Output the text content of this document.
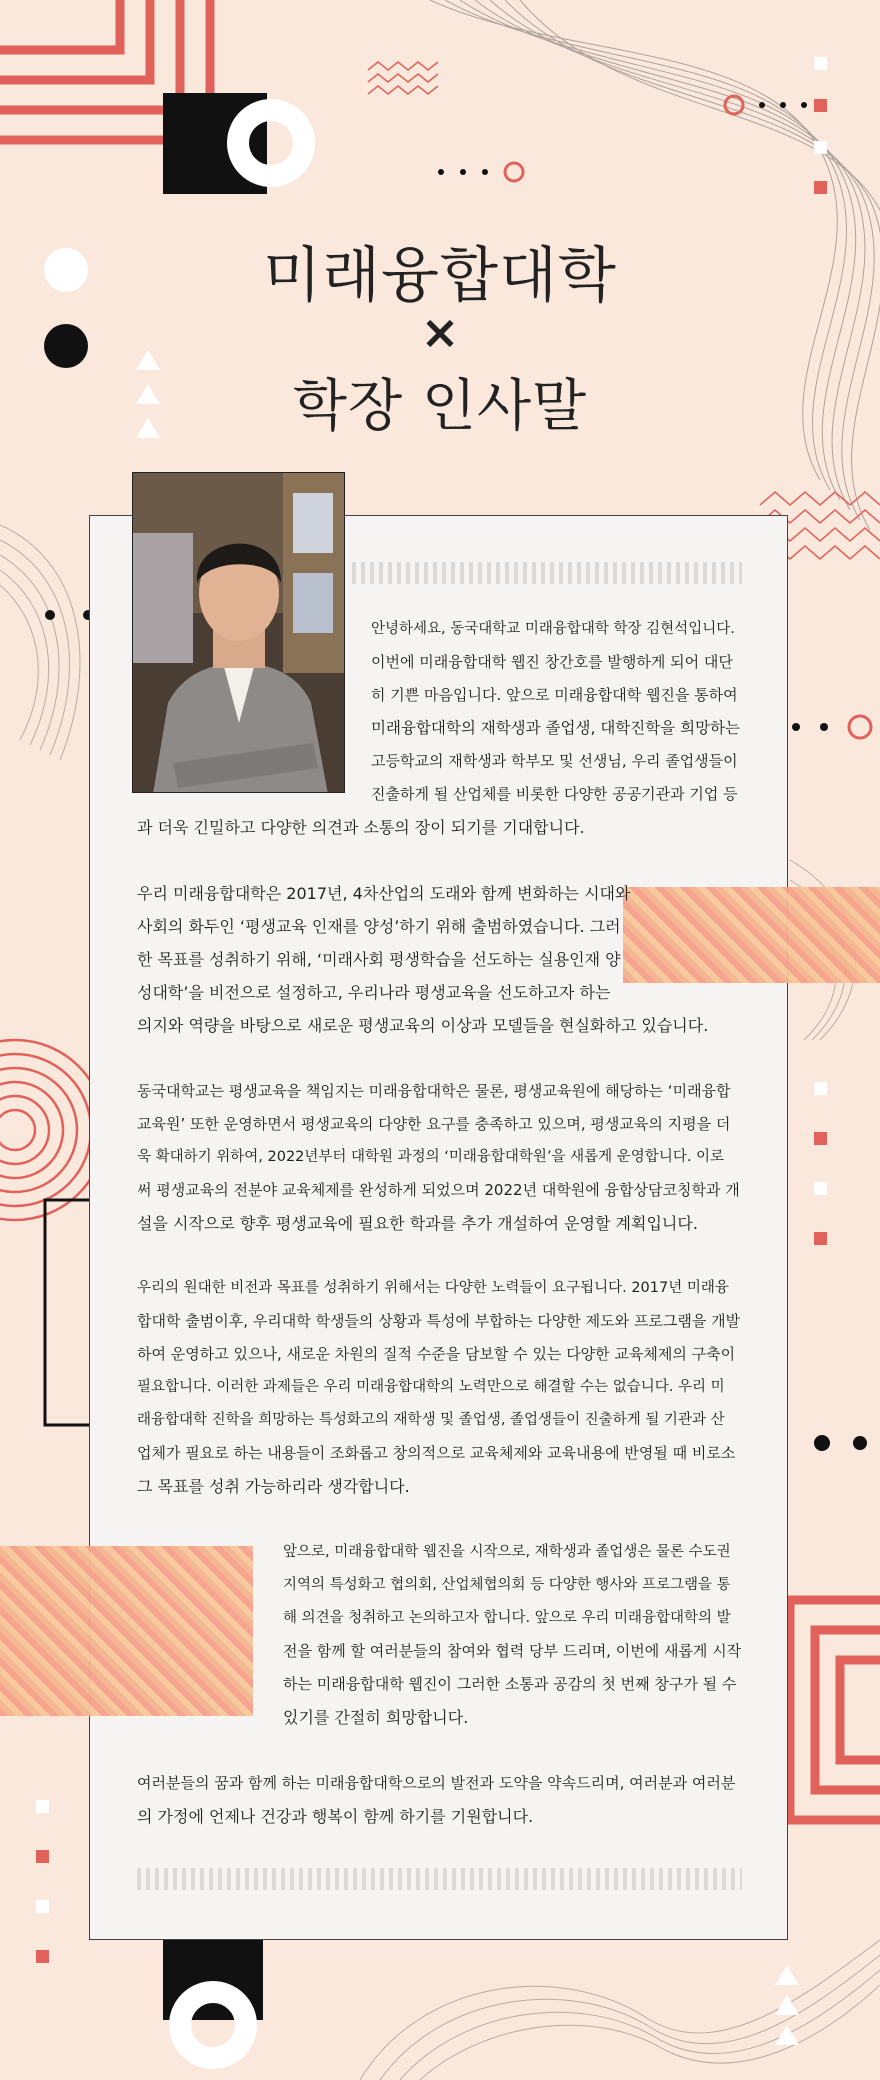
미래융합대학
×
학장 인사말
안녕하세요, 동국대학교 미래융합대학 학장 김현석입니다.
이번에 미래융합대학 웹진 창간호를 발행하게 되어 대단
히 기쁜 마음입니다. 앞으로 미래융합대학 웹진을 통하여
미래융합대학의 재학생과 졸업생, 대학진학을 희망하는
고등학교의 재학생과 학부모 및 선생님, 우리 졸업생들이
진출하게 될 산업체를 비롯한 다양한 공공기관과 기업 등
과 더욱 긴밀하고 다양한 의견과 소통의 장이 되기를 기대합니다.
우리 미래융합대학은 2017년, 4차산업의 도래와 함께 변화하는 시대와
사회의 화두인 ‘평생교육 인재를 양성’하기 위해 출범하였습니다. 그러
한 목표를 성취하기 위해, ‘미래사회 평생학습을 선도하는 실용인재 양
성대학’을 비전으로 설정하고, 우리나라 평생교육을 선도하고자 하는
의지와 역량을 바탕으로 새로운 평생교육의 이상과 모델들을 현실화하고 있습니다.
동국대학교는 평생교육을 책임지는 미래융합대학은 물론, 평생교육원에 해당하는 ‘미래융합
교육원’ 또한 운영하면서 평생교육의 다양한 요구를 충족하고 있으며, 평생교육의 지평을 더
욱 확대하기 위하여, 2022년부터 대학원 과정의 ‘미래융합대학원’을 새롭게 운영합니다. 이로
써 평생교육의 전분야 교육체제를 완성하게 되었으며 2022년 대학원에 융합상담코칭학과 개
설을 시작으로 향후 평생교육에 필요한 학과를 추가 개설하여 운영할 계획입니다.
우리의 원대한 비전과 목표를 성취하기 위해서는 다양한 노력들이 요구됩니다. 2017년 미래융
합대학 출범이후, 우리대학 학생들의 상황과 특성에 부합하는 다양한 제도와 프로그램을 개발
하여 운영하고 있으나, 새로운 차원의 질적 수준을 담보할 수 있는 다양한 교육체제의 구축이
필요합니다. 이러한 과제들은 우리 미래융합대학의 노력만으로 해결할 수는 없습니다. 우리 미
래융합대학 진학을 희망하는 특성화고의 재학생 및 졸업생, 졸업생들이 진출하게 될 기관과 산
업체가 필요로 하는 내용들이 조화롭고 창의적으로 교육체제와 교육내용에 반영될 때 비로소
그 목표를 성취 가능하리라 생각합니다.
앞으로, 미래융합대학 웹진을 시작으로, 재학생과 졸업생은 물론 수도권
지역의 특성화고 협의회, 산업체협의회 등 다양한 행사와 프로그램을 통
해 의견을 청취하고 논의하고자 합니다. 앞으로 우리 미래융합대학의 발
전을 함께 할 여러분들의 참여와 협력 당부 드리며, 이번에 새롭게 시작
하는 미래융합대학 웹진이 그러한 소통과 공감의 첫 번째 창구가 될 수
있기를 간절히 희망합니다.
여러분들의 꿈과 함께 하는 미래융합대학으로의 발전과 도약을 약속드리며, 여러분과 여러분
의 가정에 언제나 건강과 행복이 함께 하기를 기원합니다.
